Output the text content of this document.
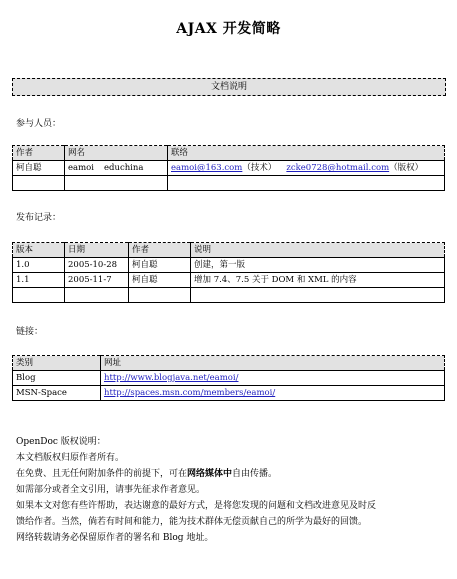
AJAX 开发简略
文档说明
参与人员：
作者	网名	联络
柯自聪	eamoi educhina	eamoi@163.com（技术） zcke0728@hotmail.com（版权）

发布记录：
版本	日期	作者	说明
1.0	2005-10-28	柯自聪	创建，第一版
1.1	2005-11-7	柯自聪	增加 7.4、7.5 关于 DOM 和 XML 的内容

链接：
类别	网址
Blog	http://www.blogjava.net/eamoi/
MSN-Space	http://spaces.msn.com/members/eamoi/

OpenDoc 版权说明：

本文档版权归原作者所有。

在免费、且无任何附加条件的前提下，可在网络媒体中自由传播。

如需部分或者全文引用，请事先征求作者意见。

如果本文对您有些许帮助，表达谢意的最好方式，是将您发现的问题和文档改进意见及时反

馈给作者。当然，倘若有时间和能力，能为技术群体无偿贡献自己的所学为最好的回馈。

网络转载请务必保留原作者的署名和 Blog 地址。
